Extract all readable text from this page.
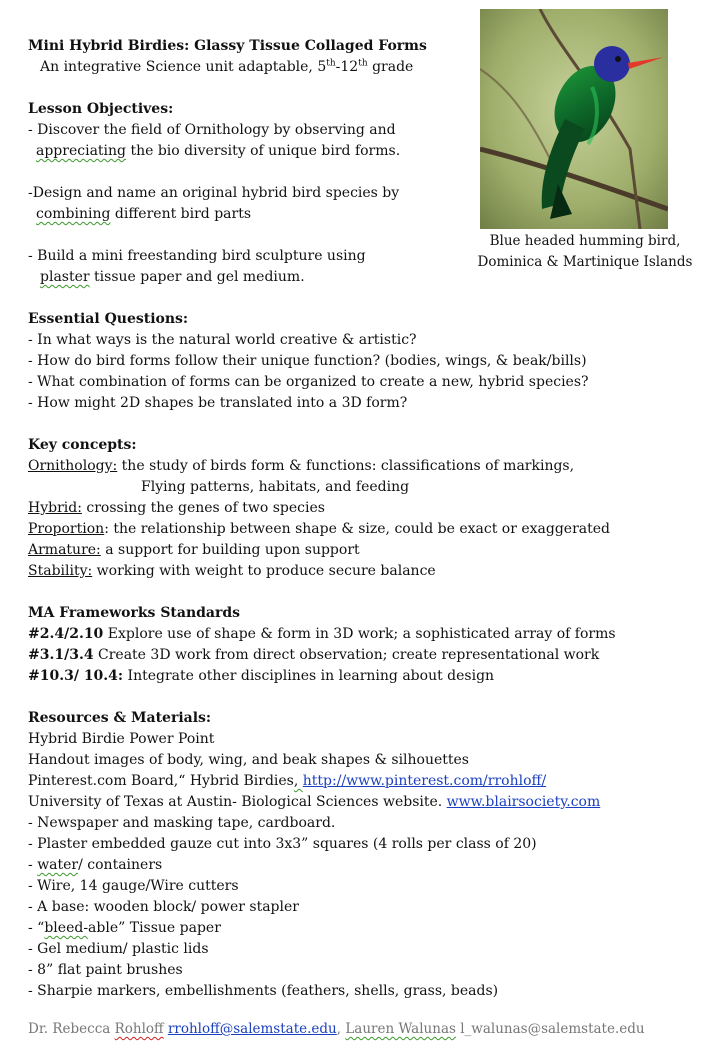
Blue headed humming bird,
Dominica & Martinique Islands
Mini Hybrid Birdies: Glassy Tissue Collaged Forms
An integrative Science unit adaptable, 5th-12th grade
Lesson Objectives:
- Discover the field of Ornithology by observing and
appreciating the bio diversity of unique bird forms.
-Design and name an original hybrid bird species by
combining different bird parts
- Build a mini freestanding bird sculpture using
plaster tissue paper and gel medium.
Essential Questions:
- In what ways is the natural world creative & artistic?
- How do bird forms follow their unique function? (bodies, wings, & beak/bills)
- What combination of forms can be organized to create a new, hybrid species?
- How might 2D shapes be translated into a 3D form?
Key concepts:
Ornithology: the study of birds form & functions: classifications of markings,
Flying patterns, habitats, and feeding
Hybrid: crossing the genes of two species
Proportion: the relationship between shape & size, could be exact or exaggerated
Armature: a support for building upon support
Stability: working with weight to produce secure balance
MA Frameworks Standards
#2.4/2.10 Explore use of shape & form in 3D work; a sophisticated array of forms
#3.1/3.4 Create 3D work from direct observation; create representational work
#10.3/ 10.4: Integrate other disciplines in learning about design
Resources & Materials:
Hybrid Birdie Power Point
Handout images of body, wing, and beak shapes & silhouettes
Pinterest.com Board,“ Hybrid Birdies, http://www.pinterest.com/rrohloff/
University of Texas at Austin- Biological Sciences website. www.blairsociety.com
- Newspaper and masking tape, cardboard.
- Plaster embedded gauze cut into 3x3” squares (4 rolls per class of 20)
- water/ containers
- Wire, 14 gauge/Wire cutters
- A base: wooden block/ power stapler
- “bleed-able” Tissue paper
- Gel medium/ plastic lids
- 8” flat paint brushes
- Sharpie markers, embellishments (feathers, shells, grass, beads)
Dr. Rebecca Rohloff rrohloff@salemstate.edu, Lauren Walunas l_walunas@salemstate.edu
